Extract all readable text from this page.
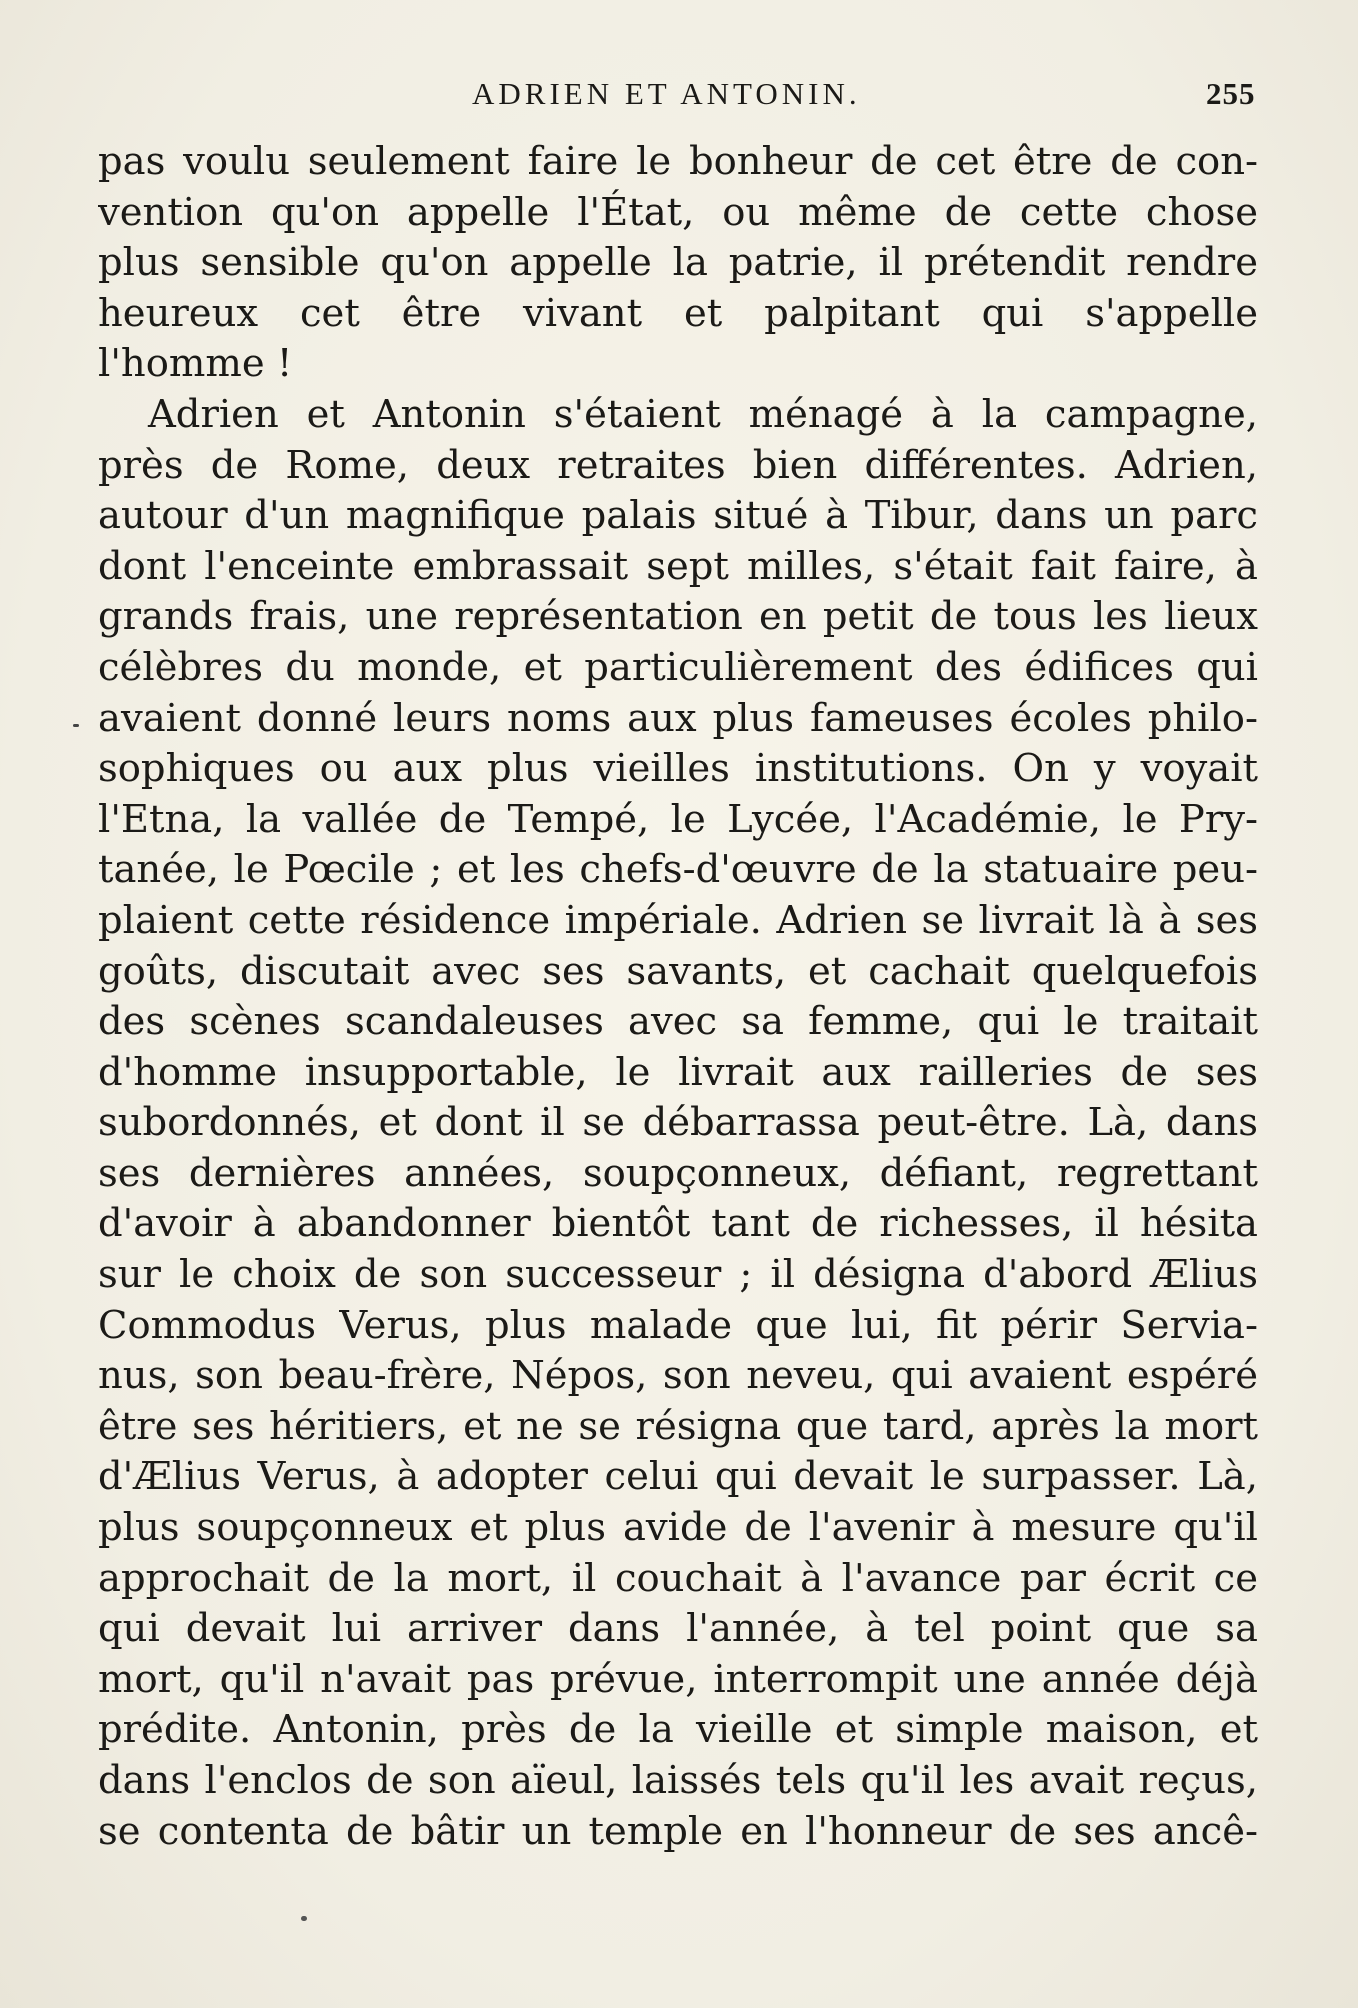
ADRIEN ET ANTONIN.	255
pas voulu seulement faire le bonheur de cet être de con-
vention qu'on appelle l'État, ou même de cette chose
plus sensible qu'on appelle la patrie, il prétendit rendre
heureux cet être vivant et palpitant qui s'appelle
l'homme !
Adrien et Antonin s'étaient ménagé à la campagne,
près de Rome, deux retraites bien différentes. Adrien,
autour d'un magnifique palais situé à Tibur, dans un parc
dont l'enceinte embrassait sept milles, s'était fait faire, à
grands frais, une représentation en petit de tous les lieux
célèbres du monde, et particulièrement des édifices qui
avaient donné leurs noms aux plus fameuses écoles philo-
sophiques ou aux plus vieilles institutions. On y voyait
l'Etna, la vallée de Tempé, le Lycée, l'Académie, le Pry-
tanée, le Pœcile ; et les chefs-d'œuvre de la statuaire peu-
plaient cette résidence impériale. Adrien se livrait là à ses
goûts, discutait avec ses savants, et cachait quelquefois
des scènes scandaleuses avec sa femme, qui le traitait
d'homme insupportable, le livrait aux railleries de ses
subordonnés, et dont il se débarrassa peut-être. Là, dans
ses dernières années, soupçonneux, défiant, regrettant
d'avoir à abandonner bientôt tant de richesses, il hésita
sur le choix de son successeur ; il désigna d'abord Ælius
Commodus Verus, plus malade que lui, fit périr Servia-
nus, son beau-frère, Népos, son neveu, qui avaient espéré
être ses héritiers, et ne se résigna que tard, après la mort
d'Ælius Verus, à adopter celui qui devait le surpasser. Là,
plus soupçonneux et plus avide de l'avenir à mesure qu'il
approchait de la mort, il couchait à l'avance par écrit ce
qui devait lui arriver dans l'année, à tel point que sa
mort, qu'il n'avait pas prévue, interrompit une année déjà
prédite. Antonin, près de la vieille et simple maison, et
dans l'enclos de son aïeul, laissés tels qu'il les avait reçus,
se contenta de bâtir un temple en l'honneur de ses ancê-
